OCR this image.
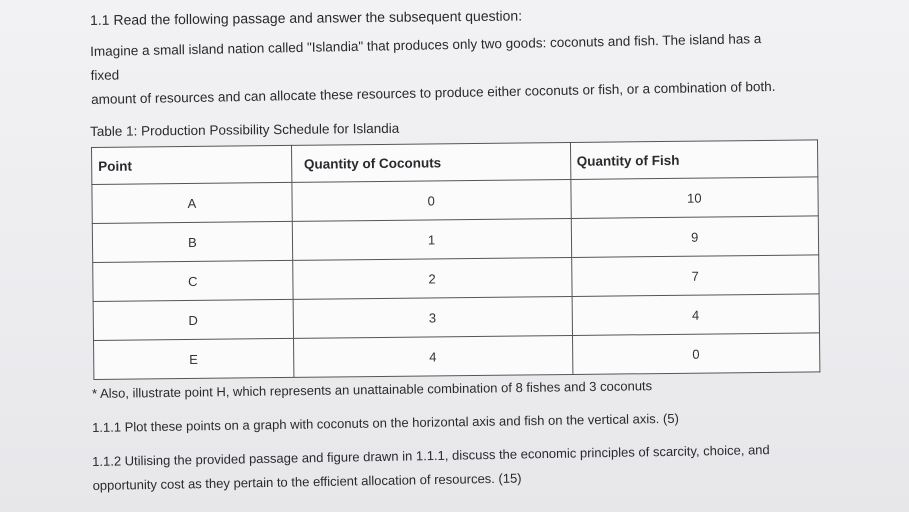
1.1 Read the following passage and answer the subsequent question:
Imagine a small island nation called "Islandia" that produces only two goods: coconuts and fish. The island has a fixed
amount of resources and can allocate these resources to produce either coconuts or fish, or a combination of both.
Table 1: Production Possibility Schedule for Islandia
Point	Quantity of Coconuts	Quantity of Fish
A	0	10
B	1	9
C	2	7
D	3	4
E	4	0
* Also, illustrate point H, which represents an unattainable combination of 8 fishes and 3 coconuts
1.1.1 Plot these points on a graph with coconuts on the horizontal axis and fish on the vertical axis. (5)
1.1.2 Utilising the provided passage and figure drawn in 1.1.1, discuss the economic principles of scarcity, choice, and
opportunity cost as they pertain to the efficient allocation of resources. (15)
